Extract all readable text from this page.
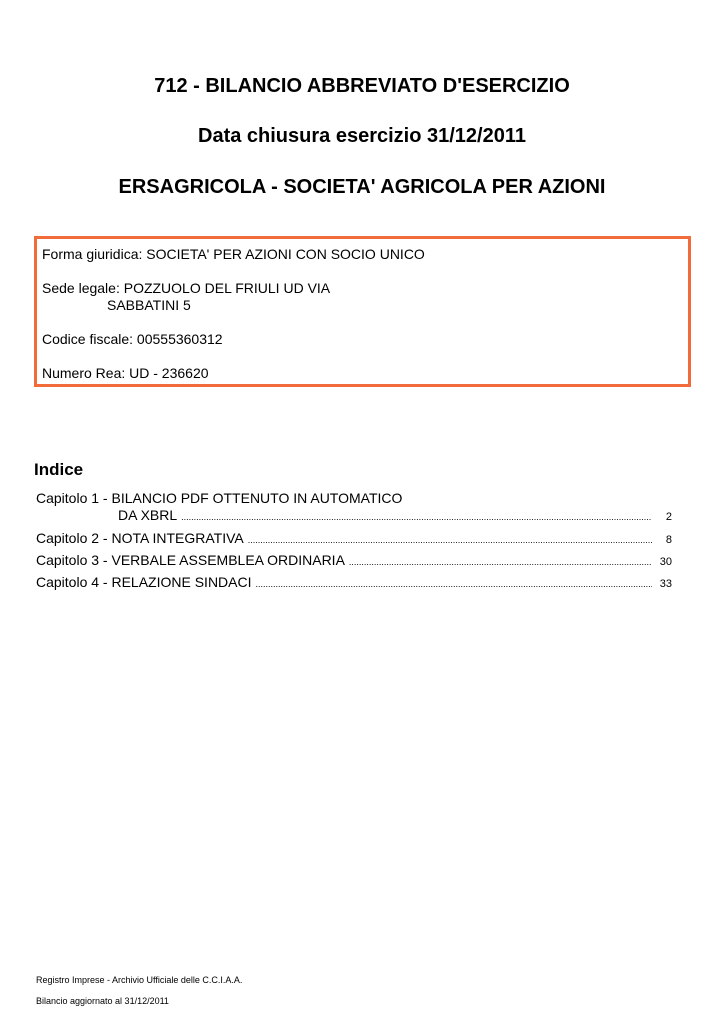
712 - BILANCIO ABBREVIATO D'ESERCIZIO
Data chiusura esercizio 31/12/2011
ERSAGRICOLA - SOCIETA' AGRICOLA PER AZIONI
Forma giuridica: SOCIETA' PER AZIONI CON SOCIO UNICO
Sede legale: POZZUOLO DEL FRIULI UD VIA
SABBATINI 5
Codice fiscale: 00555360312
Numero Rea: UD - 236620
Indice
Capitolo 1 - BILANCIO PDF OTTENUTO IN AUTOMATICO
DA XBRL .....	2
Capitolo 2 - NOTA INTEGRATIVA .....	8
Capitolo 3 - VERBALE ASSEMBLEA ORDINARIA .....	30
Capitolo 4 - RELAZIONE SINDACI .....	33
Registro Imprese - Archivio Ufficiale delle C.C.I.A.A.
Bilancio aggiornato al 31/12/2011
